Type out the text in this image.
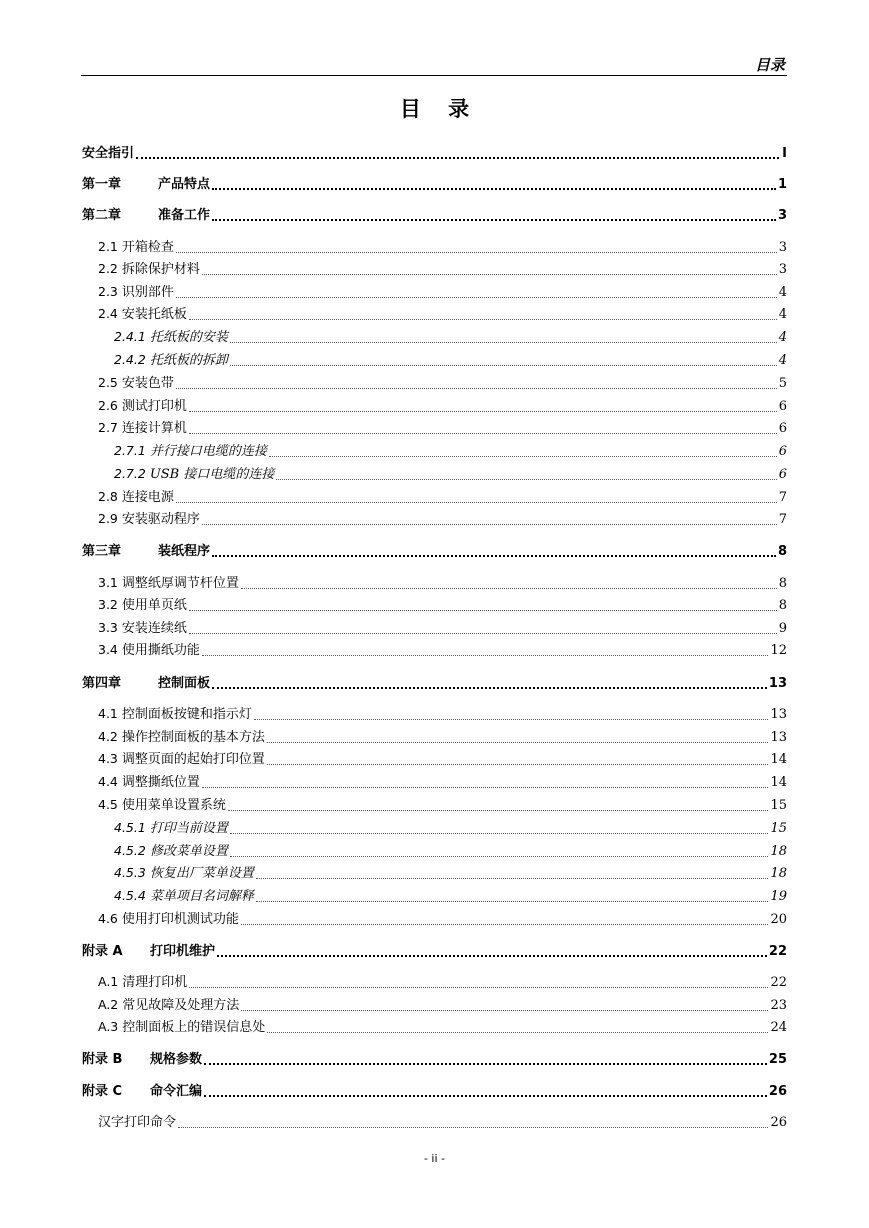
目录
目 录
安全指引	I
第一章	产品特点	1
第二章	准备工作	3
2.1 开箱检查	3
2.2 拆除保护材料	3
2.3 识别部件	4
2.4 安装托纸板	4
2.4.1 托纸板的安装	4
2.4.2 托纸板的拆卸	4
2.5 安装色带	5
2.6 测试打印机	6
2.7 连接计算机	6
2.7.1 并行接口电缆的连接	6
2.7.2 USB 接口电缆的连接	6
2.8 连接电源	7
2.9 安装驱动程序	7
第三章	装纸程序	8
3.1 调整纸厚调节杆位置	8
3.2 使用单页纸	8
3.3 安装连续纸	9
3.4 使用撕纸功能	12
第四章	控制面板	13
4.1 控制面板按键和指示灯	13
4.2 操作控制面板的基本方法	13
4.3 调整页面的起始打印位置	14
4.4 调整撕纸位置	14
4.5 使用菜单设置系统	15
4.5.1 打印当前设置	15
4.5.2 修改菜单设置	18
4.5.3 恢复出厂菜单设置	18
4.5.4 菜单项目名词解释	19
4.6 使用打印机测试功能	20
附录 A 打印机维护	22
A.1 清理打印机	22
A.2 常见故障及处理方法	23
A.3 控制面板上的错误信息处	24
附录 B 规格参数	25
附录 C 命令汇编	26
汉字打印命令	26
- ii -
